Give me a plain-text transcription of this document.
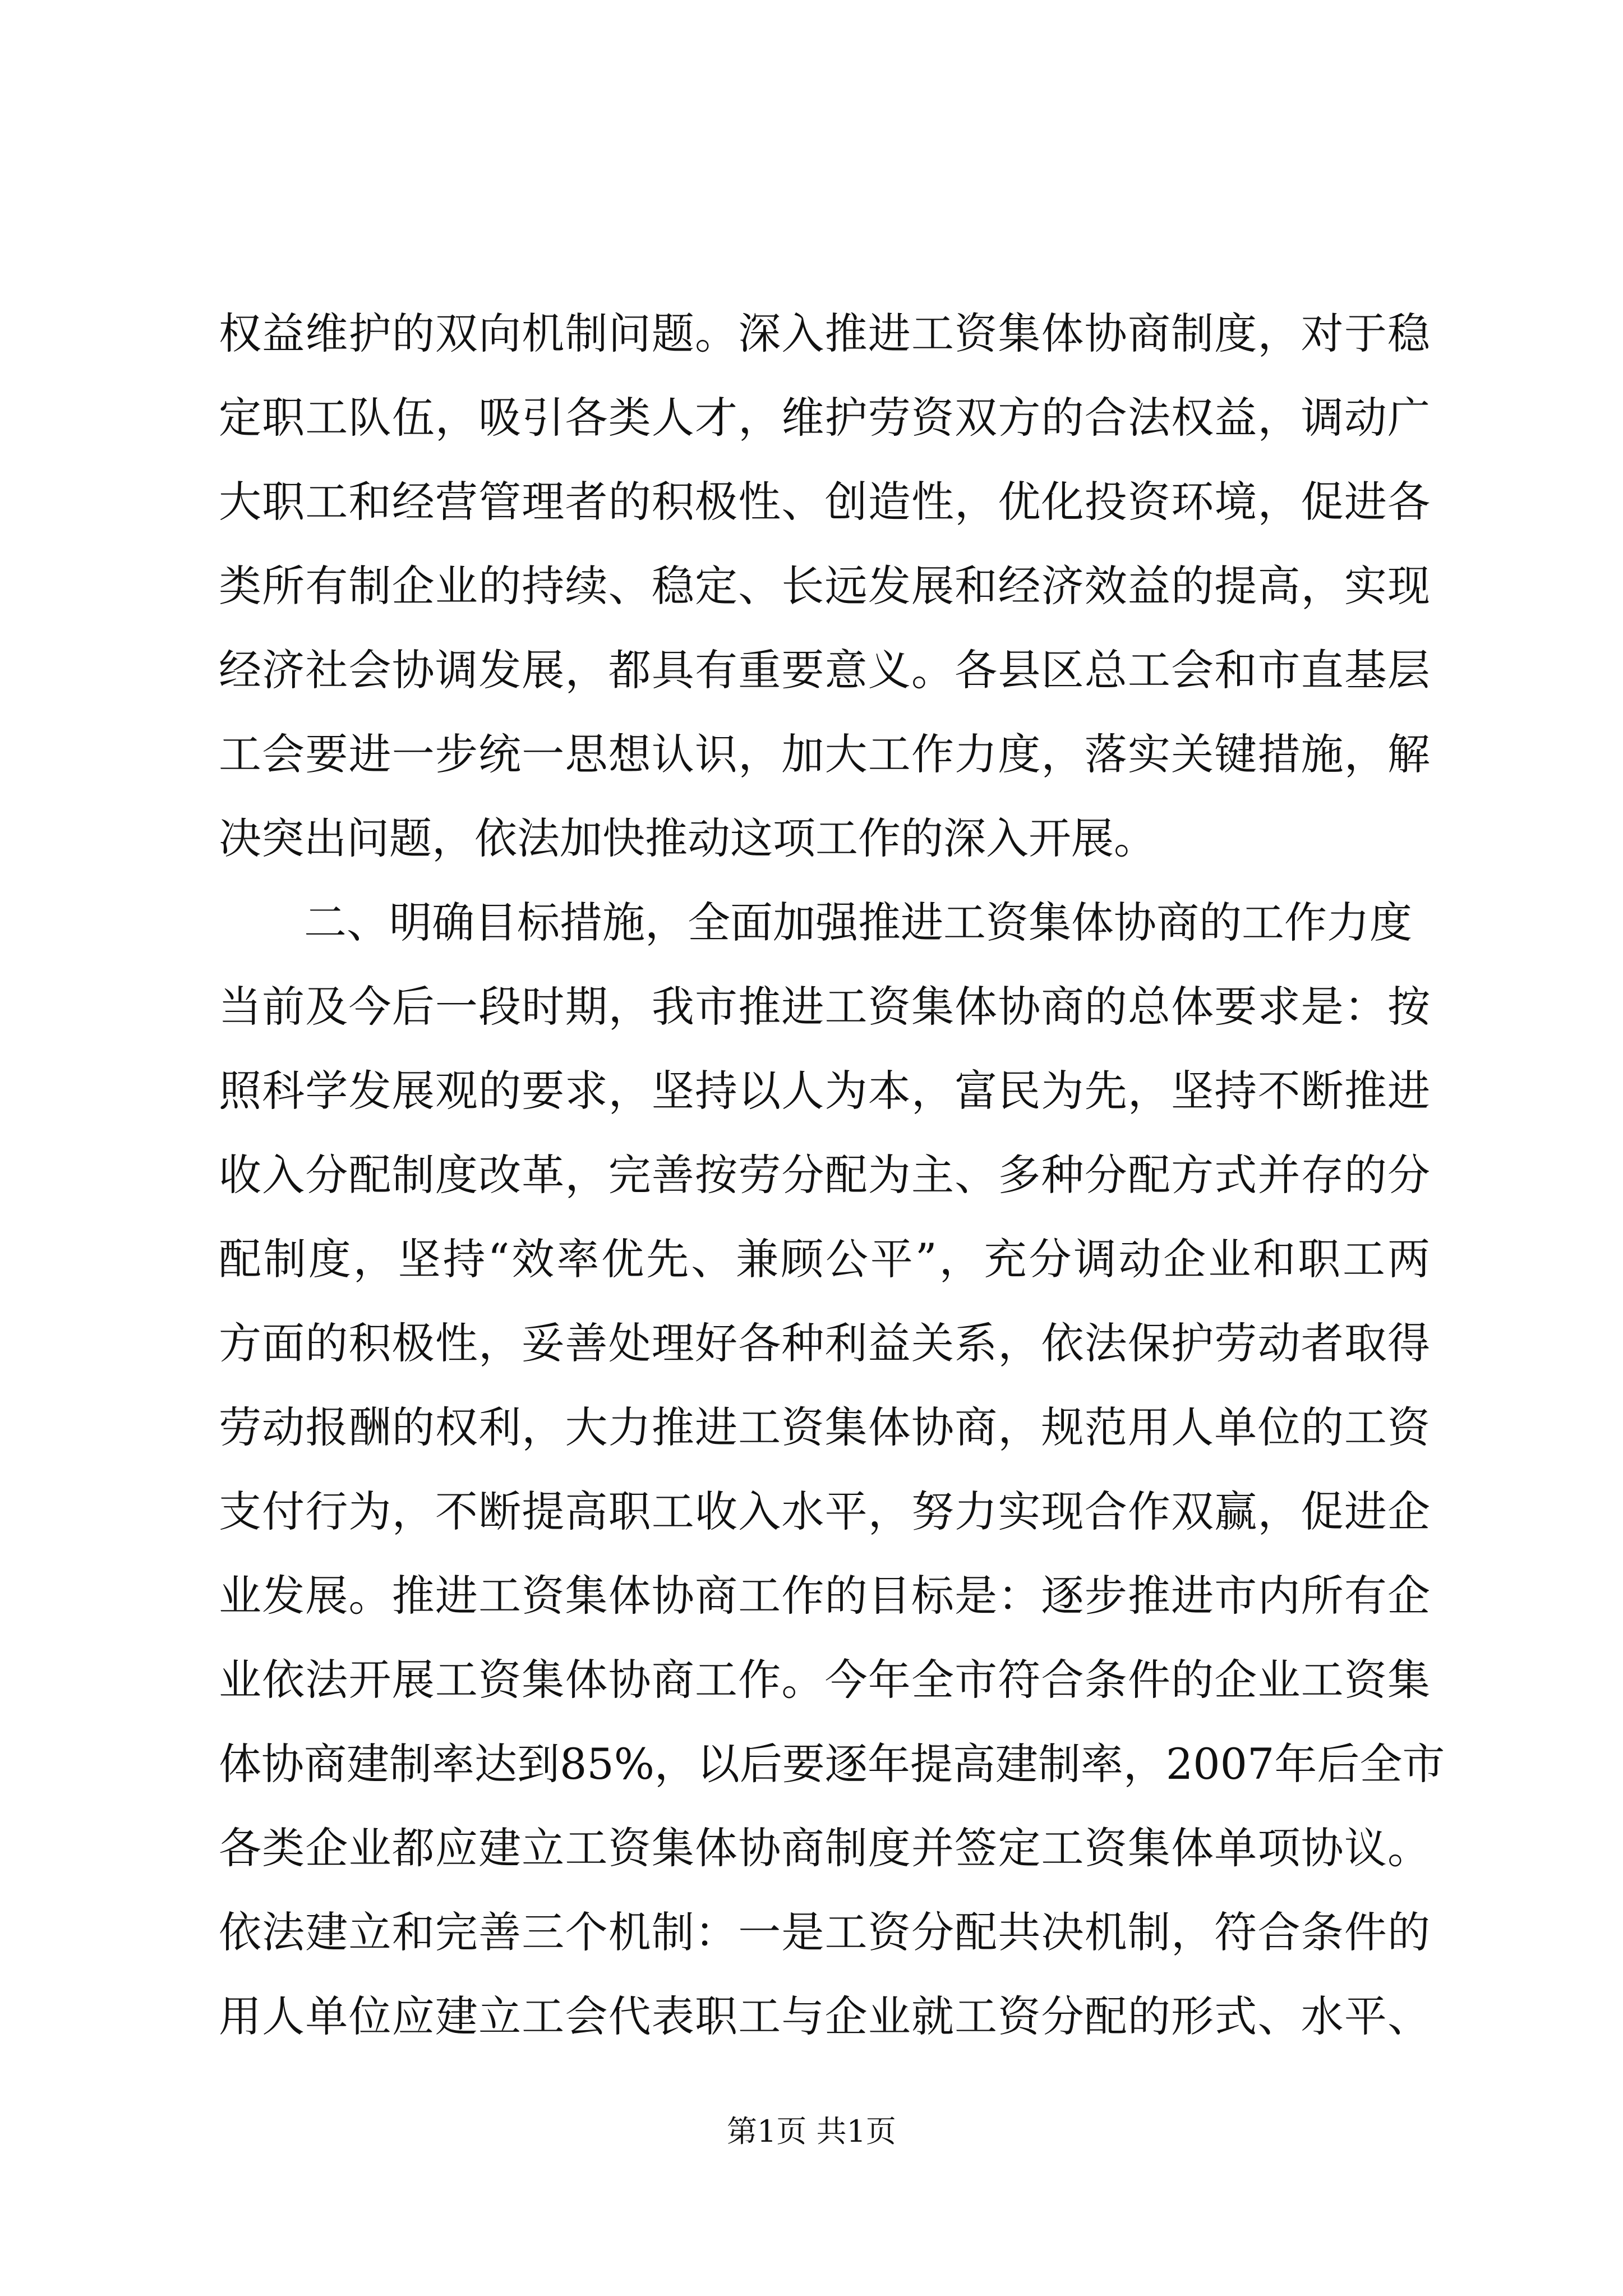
权益维护的双向机制问题。深入推进工资集体协商制度，对于稳
定职工队伍，吸引各类人才，维护劳资双方的合法权益，调动广
大职工和经营管理者的积极性、创造性，优化投资环境，促进各
类所有制企业的持续、稳定、长远发展和经济效益的提高，实现
经济社会协调发展，都具有重要意义。各县区总工会和市直基层
工会要进一步统一思想认识，加大工作力度，落实关键措施，解
决突出问题，依法加快推动这项工作的深入开展。
二、明确目标措施，全面加强推进工资集体协商的工作力度
当前及今后一段时期，我市推进工资集体协商的总体要求是：按
照科学发展观的要求，坚持以人为本，富民为先，坚持不断推进
收入分配制度改革，完善按劳分配为主、多种分配方式并存的分
配制度，坚持“效率优先、兼顾公平”，充分调动企业和职工两
方面的积极性，妥善处理好各种利益关系，依法保护劳动者取得
劳动报酬的权利，大力推进工资集体协商，规范用人单位的工资
支付行为，不断提高职工收入水平，努力实现合作双赢，促进企
业发展。推进工资集体协商工作的目标是：逐步推进市内所有企
业依法开展工资集体协商工作。今年全市符合条件的企业工资集
体协商建制率达到85%，以后要逐年提高建制率，2007年后全市
各类企业都应建立工资集体协商制度并签定工资集体单项协议。
依法建立和完善三个机制：一是工资分配共决机制，符合条件的
用人单位应建立工会代表职工与企业就工资分配的形式、水平、
第1页 共1页
